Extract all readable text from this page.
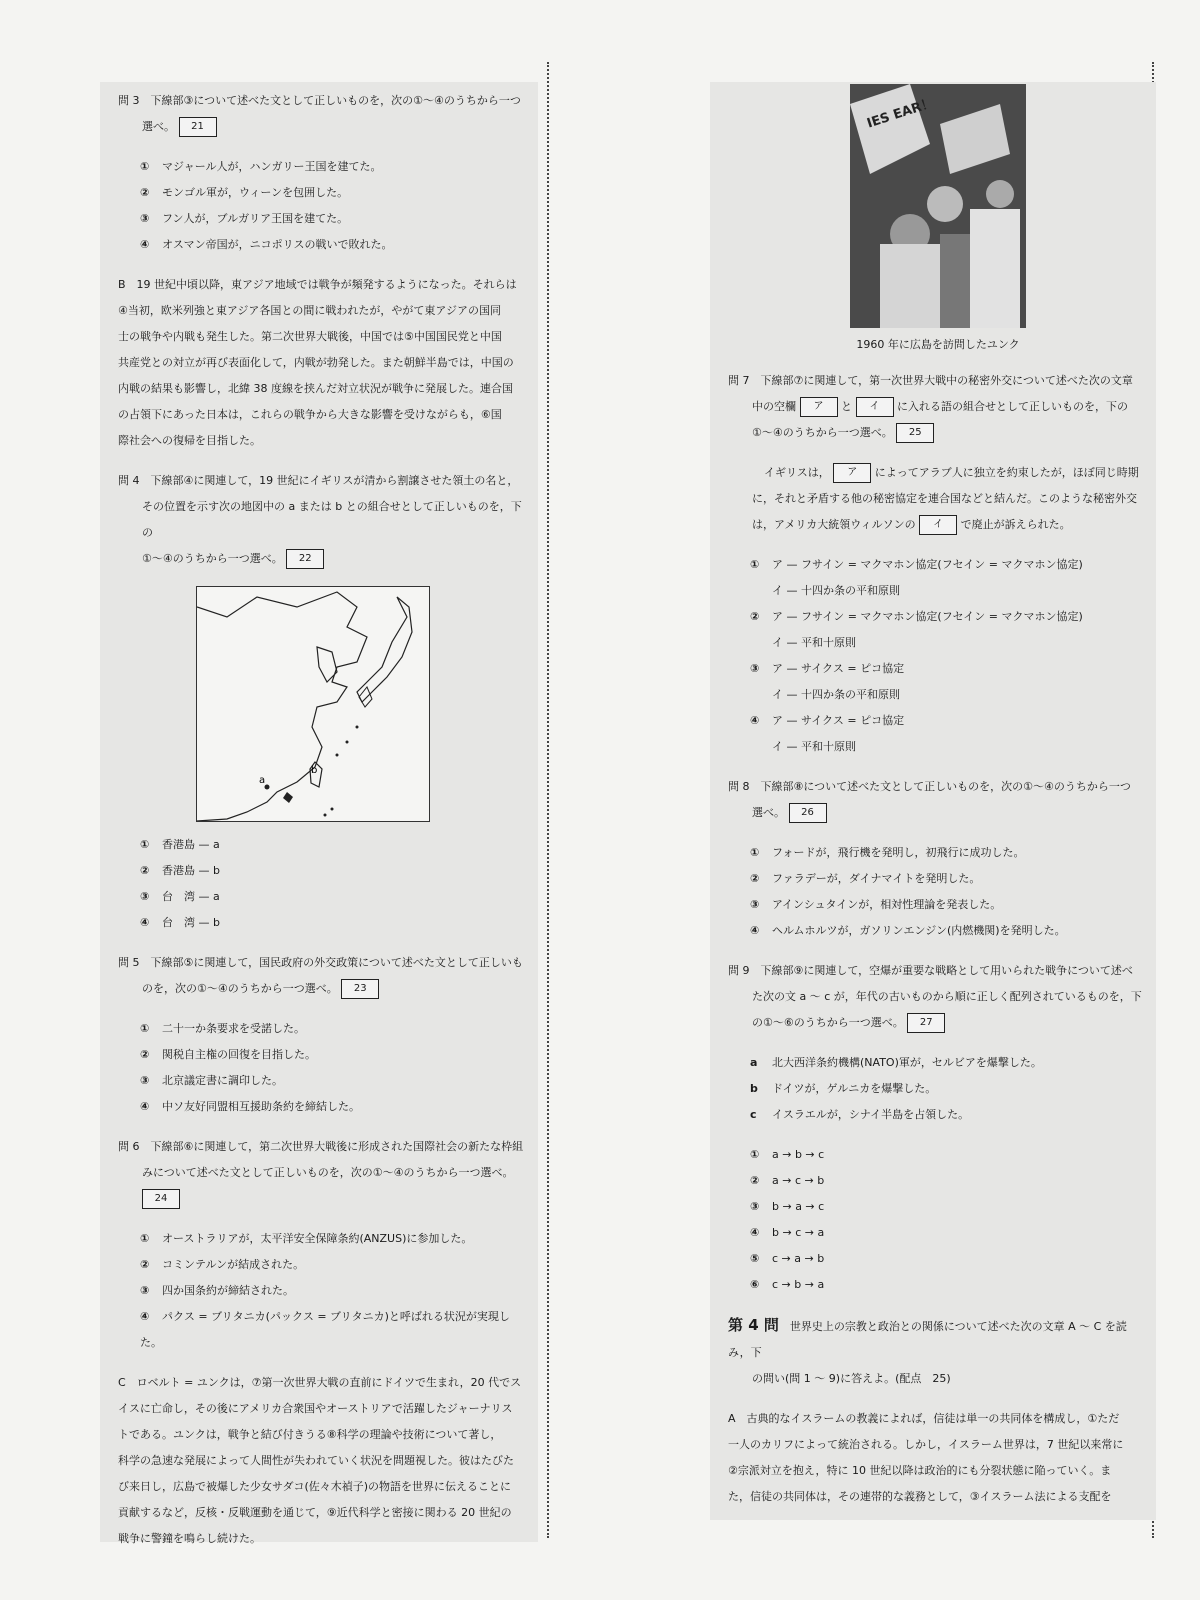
問 3　下線部③について述べた文として正しいものを，次の①〜④のうちから一つ

選べ。 21

① マジャール人が，ハンガリー王国を建てた。

② モンゴル軍が，ウィーンを包囲した。

③ フン人が，ブルガリア王国を建てた。

④ オスマン帝国が，ニコポリスの戦いで敗れた。

B　19 世紀中頃以降，東アジア地域では戦争が頻発するようになった。それらは

④当初，欧米列強と東アジア各国との間に戦われたが，やがて東アジアの国同

士の戦争や内戦も発生した。第二次世界大戦後，中国では⑤中国国民党と中国

共産党との対立が再び表面化して，内戦が勃発した。また朝鮮半島では，中国の

内戦の結果も影響し，北緯 38 度線を挟んだ対立状況が戦争に発展した。連合国

の占領下にあった日本は，これらの戦争から大きな影響を受けながらも，⑥国

際社会への復帰を目指した。

問 4　下線部④に関連して，19 世紀にイギリスが清から割譲させた領土の名と，

その位置を示す次の地図中の a または b との組合せとして正しいものを，下の

①〜④のうちから一つ選べ。 22

a
b

① 香港島 — a

② 香港島 — b

③ 台　湾 — a

④ 台　湾 — b

問 5　下線部⑤に関連して，国民政府の外交政策について述べた文として正しいも

のを，次の①〜④のうちから一つ選べ。 23

① 二十一か条要求を受諾した。

② 関税自主権の回復を目指した。

③ 北京議定書に調印した。

④ 中ソ友好同盟相互援助条約を締結した。

問 6　下線部⑥に関連して，第二次世界大戦後に形成された国際社会の新たな枠組

みについて述べた文として正しいものを，次の①〜④のうちから一つ選べ。

24

① オーストラリアが，太平洋安全保障条約(ANZUS)に参加した。

② コミンテルンが結成された。

③ 四か国条約が締結された。

④ パクス = ブリタニカ(パックス = ブリタニカ)と呼ばれる状況が実現した。

C　ロベルト = ユンクは，⑦第一次世界大戦の直前にドイツで生まれ，20 代でス

イスに亡命し，その後にアメリカ合衆国やオーストリアで活躍したジャーナリス

トである。ユンクは，戦争と結び付きうる⑧科学の理論や技術について著し，

科学の急速な発展によって人間性が失われていく状況を問題視した。彼はたびた

び来日し，広島で被爆した少女サダコ(佐々木禎子)の物語を世界に伝えることに

貢献するなど，反核・反戦運動を通じて，⑨近代科学と密接に関わる 20 世紀の

戦争に警鐘を鳴らし続けた。

IES EAR！

1960 年に広島を訪問したユンク

問 7　下線部⑦に関連して，第一次世界大戦中の秘密外交について述べた次の文章

中の空欄 ア と イ に入れる語の組合せとして正しいものを，下の

①〜④のうちから一つ選べ。 25

イギリスは， ア によってアラブ人に独立を約束したが，ほぼ同じ時期

に，それと矛盾する他の秘密協定を連合国などと結んだ。このような秘密外交

は，アメリカ大統領ウィルソンの イ で廃止が訴えられた。

① ア — フサイン = マクマホン協定(フセイン = マクマホン協定)

イ — 十四か条の平和原則

② ア — フサイン = マクマホン協定(フセイン = マクマホン協定)

イ — 平和十原則

③ ア — サイクス = ピコ協定

イ — 十四か条の平和原則

④ ア — サイクス = ピコ協定

イ — 平和十原則

問 8　下線部⑧について述べた文として正しいものを，次の①〜④のうちから一つ

選べ。 26

① フォードが，飛行機を発明し，初飛行に成功した。

② ファラデーが，ダイナマイトを発明した。

③ アインシュタインが，相対性理論を発表した。

④ ヘルムホルツが，ガソリンエンジン(内燃機関)を発明した。

問 9　下線部⑨に関連して，空爆が重要な戦略として用いられた戦争について述べ

た次の文 a 〜 c が，年代の古いものから順に正しく配列されているものを，下

の①〜⑥のうちから一つ選べ。 27

a 北大西洋条約機構(NATO)軍が，セルビアを爆撃した。

b ドイツが，ゲルニカを爆撃した。

c イスラエルが，シナイ半島を占領した。

① a → b → c

② a → c → b

③ b → a → c

④ b → c → a

⑤ c → a → b

⑥ c → b → a

第 4 問　 世界史上の宗教と政治との関係について述べた次の文章 A 〜 C を読み，下

の問い(問 1 〜 9)に答えよ。(配点　25)

A　古典的なイスラームの教義によれば，信徒は単一の共同体を構成し，①ただ

一人のカリフによって統治される。しかし，イスラーム世界は，7 世紀以来常に

②宗派対立を抱え，特に 10 世紀以降は政治的にも分裂状態に陥っていく。ま

た，信徒の共同体は，その連帯的な義務として，③イスラーム法による支配を
